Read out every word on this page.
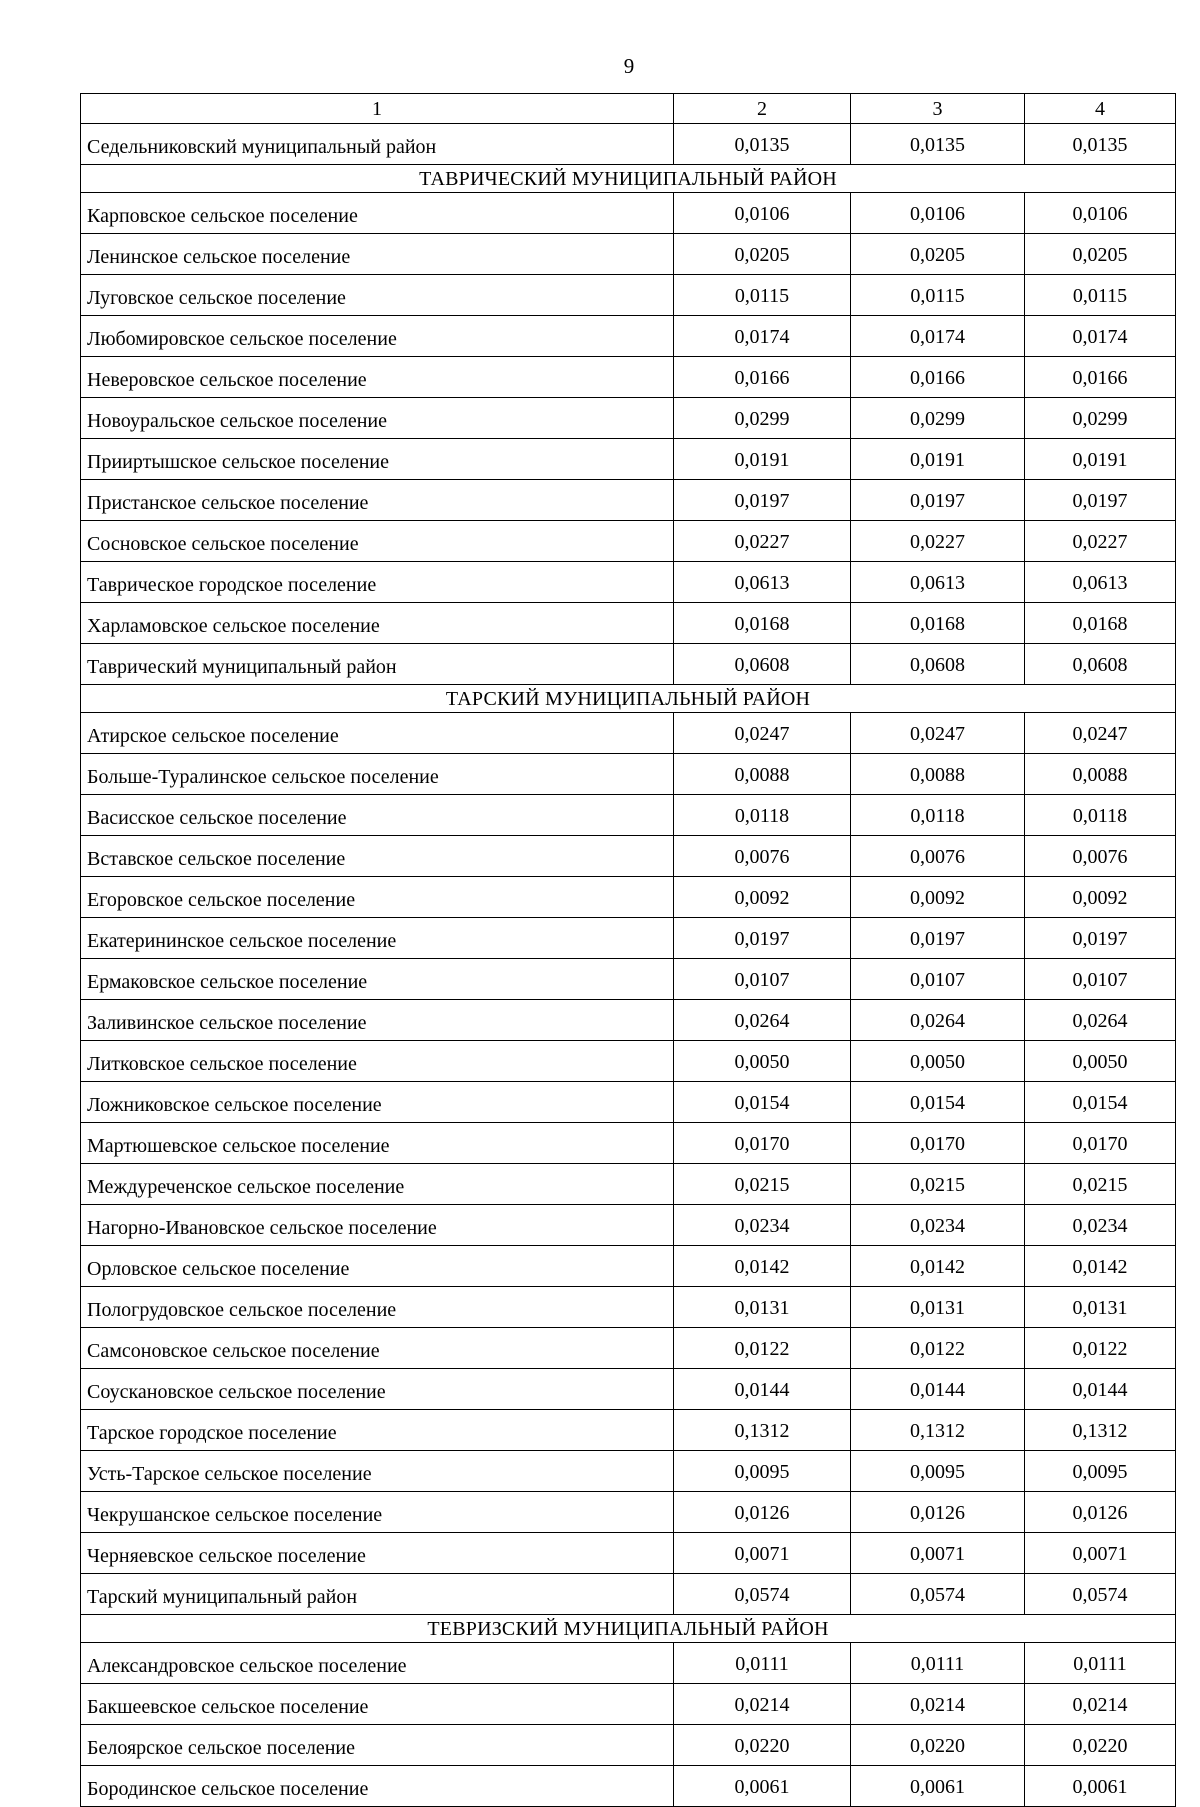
9
1	2	3	4
Седельниковский муниципальный район	0,0135	0,0135	0,0135
ТАВРИЧЕСКИЙ МУНИЦИПАЛЬНЫЙ РАЙОН			
Карповское сельское поселение	0,0106	0,0106	0,0106
Ленинское сельское поселение	0,0205	0,0205	0,0205
Луговское сельское поселение	0,0115	0,0115	0,0115
Любомировское сельское поселение	0,0174	0,0174	0,0174
Неверовское сельское поселение	0,0166	0,0166	0,0166
Новоуральское сельское поселение	0,0299	0,0299	0,0299
Прииртышское сельское поселение	0,0191	0,0191	0,0191
Пристанское сельское поселение	0,0197	0,0197	0,0197
Сосновское сельское поселение	0,0227	0,0227	0,0227
Таврическое городское поселение	0,0613	0,0613	0,0613
Харламовское сельское поселение	0,0168	0,0168	0,0168
Таврический муниципальный район	0,0608	0,0608	0,0608
ТАРСКИЙ МУНИЦИПАЛЬНЫЙ РАЙОН			
Атирское сельское поселение	0,0247	0,0247	0,0247
Больше-Туралинское сельское поселение	0,0088	0,0088	0,0088
Васисское сельское поселение	0,0118	0,0118	0,0118
Вставское сельское поселение	0,0076	0,0076	0,0076
Егоровское сельское поселение	0,0092	0,0092	0,0092
Екатерининское сельское поселение	0,0197	0,0197	0,0197
Ермаковское сельское поселение	0,0107	0,0107	0,0107
Заливинское сельское поселение	0,0264	0,0264	0,0264
Литковское сельское поселение	0,0050	0,0050	0,0050
Ложниковское сельское поселение	0,0154	0,0154	0,0154
Мартюшевское сельское поселение	0,0170	0,0170	0,0170
Междуреченское сельское поселение	0,0215	0,0215	0,0215
Нагорно-Ивановское сельское поселение	0,0234	0,0234	0,0234
Орловское сельское поселение	0,0142	0,0142	0,0142
Пологрудовское сельское поселение	0,0131	0,0131	0,0131
Самсоновское сельское поселение	0,0122	0,0122	0,0122
Соускановское сельское поселение	0,0144	0,0144	0,0144
Тарское городское поселение	0,1312	0,1312	0,1312
Усть-Тарское сельское поселение	0,0095	0,0095	0,0095
Чекрушанское сельское поселение	0,0126	0,0126	0,0126
Черняевское сельское поселение	0,0071	0,0071	0,0071
Тарский муниципальный район	0,0574	0,0574	0,0574
ТЕВРИЗСКИЙ МУНИЦИПАЛЬНЫЙ РАЙОН			
Александровское сельское поселение	0,0111	0,0111	0,0111
Бакшеевское сельское поселение	0,0214	0,0214	0,0214
Белоярское сельское поселение	0,0220	0,0220	0,0220
Бородинское сельское поселение	0,0061	0,0061	0,0061
